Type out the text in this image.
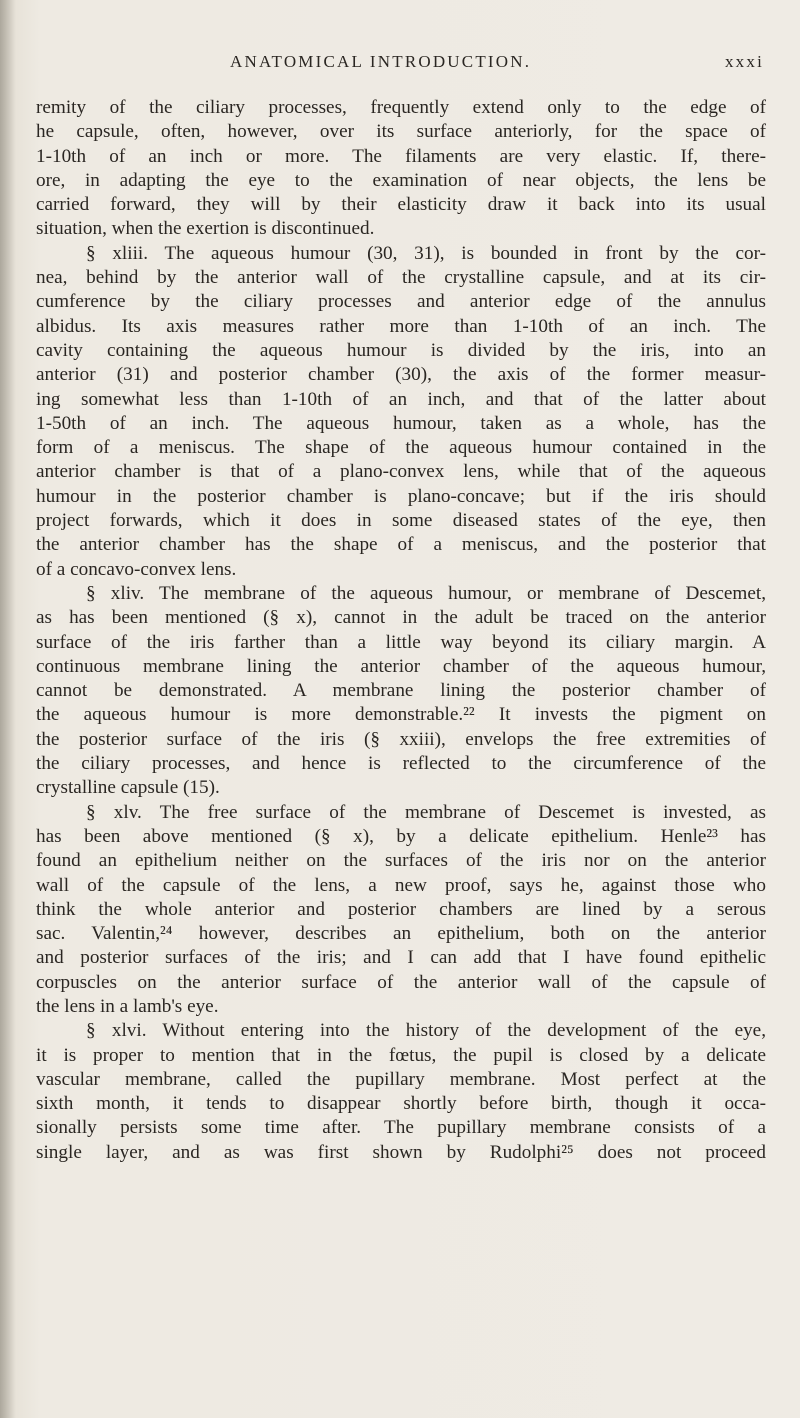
ANATOMICAL INTRODUCTION.	xxxi
remity of the ciliary processes, frequently extend only to the edge of
he capsule, often, however, over its surface anteriorly, for the space of
1-10th of an inch or more. The filaments are very elastic. If, there-
ore, in adapting the eye to the examination of near objects, the lens be
carried forward, they will by their elasticity draw it back into its usual
situation, when the exertion is discontinued.
§ xliii. The aqueous humour (30, 31), is bounded in front by the cor-
nea, behind by the anterior wall of the crystalline capsule, and at its cir-
cumference by the ciliary processes and anterior edge of the annulus
albidus. Its axis measures rather more than 1-10th of an inch. The
cavity containing the aqueous humour is divided by the iris, into an
anterior (31) and posterior chamber (30), the axis of the former measur-
ing somewhat less than 1-10th of an inch, and that of the latter about
1-50th of an inch. The aqueous humour, taken as a whole, has the
form of a meniscus. The shape of the aqueous humour contained in the
anterior chamber is that of a plano-convex lens, while that of the aqueous
humour in the posterior chamber is plano-concave; but if the iris should
project forwards, which it does in some diseased states of the eye, then
the anterior chamber has the shape of a meniscus, and the posterior that
of a concavo-convex lens.
§ xliv. The membrane of the aqueous humour, or membrane of Descemet,
as has been mentioned (§ x), cannot in the adult be traced on the anterior
surface of the iris farther than a little way beyond its ciliary margin. A
continuous membrane lining the anterior chamber of the aqueous humour,
cannot be demonstrated. A membrane lining the posterior chamber of
the aqueous humour is more demonstrable.²² It invests the pigment on
the posterior surface of the iris (§ xxiii), envelops the free extremities of
the ciliary processes, and hence is reflected to the circumference of the
crystalline capsule (15).
§ xlv. The free surface of the membrane of Descemet is invested, as
has been above mentioned (§ x), by a delicate epithelium. Henle²³ has
found an epithelium neither on the surfaces of the iris nor on the anterior
wall of the capsule of the lens, a new proof, says he, against those who
think the whole anterior and posterior chambers are lined by a serous
sac. Valentin,²⁴ however, describes an epithelium, both on the anterior
and posterior surfaces of the iris; and I can add that I have found epithelic
corpuscles on the anterior surface of the anterior wall of the capsule of
the lens in a lamb's eye.
§ xlvi. Without entering into the history of the development of the eye,
it is proper to mention that in the fœtus, the pupil is closed by a delicate
vascular membrane, called the pupillary membrane. Most perfect at the
sixth month, it tends to disappear shortly before birth, though it occa-
sionally persists some time after. The pupillary membrane consists of a
single layer, and as was first shown by Rudolphi²⁵ does not proceed
